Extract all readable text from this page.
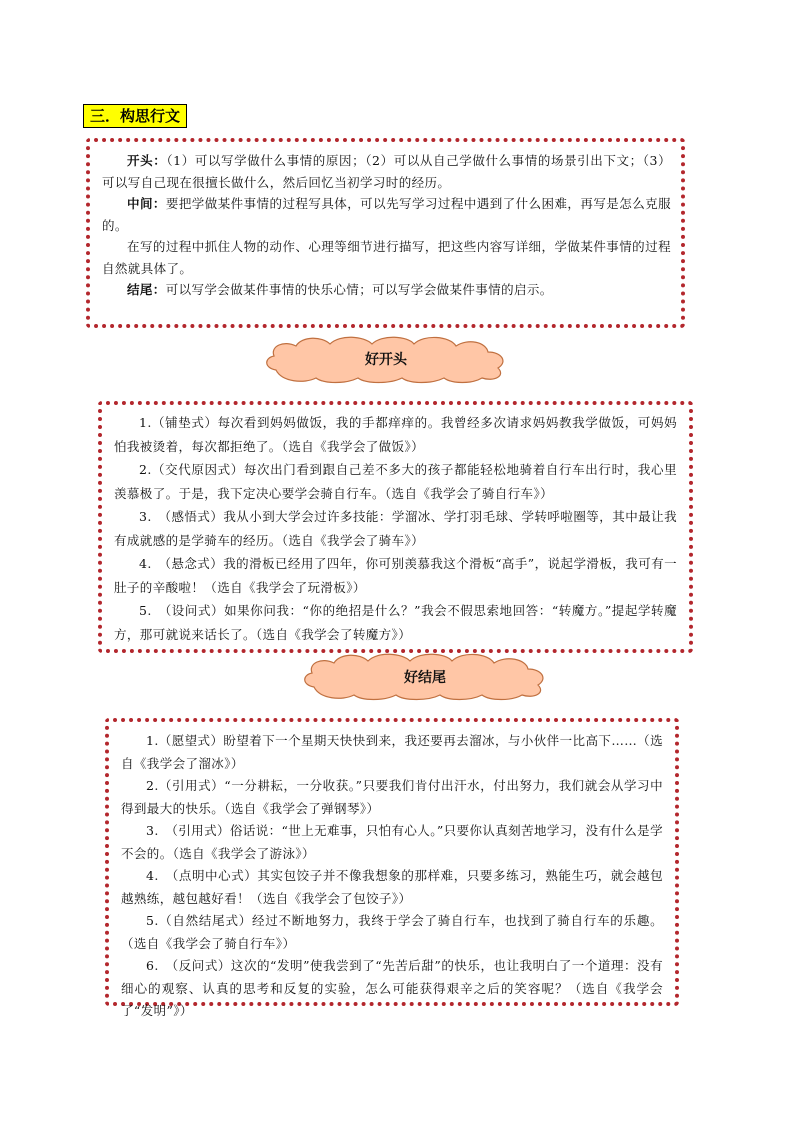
三．构思行文

开头：（1）可以写学做什么事情的原因；（2）可以从自己学做什么事情的场景引出下文；（3）可以写自己现在很擅长做什么，然后回忆当初学习时的经历。

中间：要把学做某件事情的过程写具体，可以先写学习过程中遇到了什么困难，再写是怎么克服的。

在写的过程中抓住人物的动作、心理等细节进行描写，把这些内容写详细，学做某件事情的过程自然就具体了。

结尾：可以写学会做某件事情的快乐心情；可以写学会做某件事情的启示。

好开头

1.（铺垫式）每次看到妈妈做饭，我的手都痒痒的。我曾经多次请求妈妈教我学做饭，可妈妈怕我被烫着，每次都拒绝了。（选自《我学会了做饭》）

2.（交代原因式）每次出门看到跟自己差不多大的孩子都能轻松地骑着自行车出行时，我心里羡慕极了。于是，我下定决心要学会骑自行车。（选自《我学会了骑自行车》）

3.　（感悟式）我从小到大学会过许多技能：学溜冰、学打羽毛球、学转呼啦圈等，其中最让我有成就感的是学骑车的经历。（选自《我学会了骑车》）

4.　（悬念式）我的滑板已经用了四年，你可别羡慕我这个滑板“高手”，说起学滑板，我可有一肚子的辛酸啦！（选自《我学会了玩滑板》）

5.　（设问式）如果你问我：“你的绝招是什么？”我会不假思索地回答：“转魔方。”提起学转魔方，那可就说来话长了。（选自《我学会了转魔方》）

好结尾

1.（愿望式）盼望着下一个星期天快快到来，我还要再去溜冰，与小伙伴一比高下……（选自《我学会了溜冰》）

2.（引用式）“一分耕耘，一分收获。”只要我们肯付出汗水，付出努力，我们就会从学习中得到最大的快乐。（选自《我学会了弹钢琴》）

3.　（引用式）俗话说：“世上无难事，只怕有心人。”只要你认真刻苦地学习，没有什么是学不会的。（选自《我学会了游泳》）

4.　（点明中心式）其实包饺子并不像我想象的那样难，只要多练习，熟能生巧，就会越包越熟练，越包越好看！（选自《我学会了包饺子》）

5.（自然结尾式）经过不断地努力，我终于学会了骑自行车，也找到了骑自行车的乐趣。（选自《我学会了骑自行车》）

6.　（反问式）这次的“发明”使我尝到了“先苦后甜”的快乐，也让我明白了一个道理：没有细心的观察、认真的思考和反复的实验，怎么可能获得艰辛之后的笑容呢？（选自《我学会了“发明”》）
